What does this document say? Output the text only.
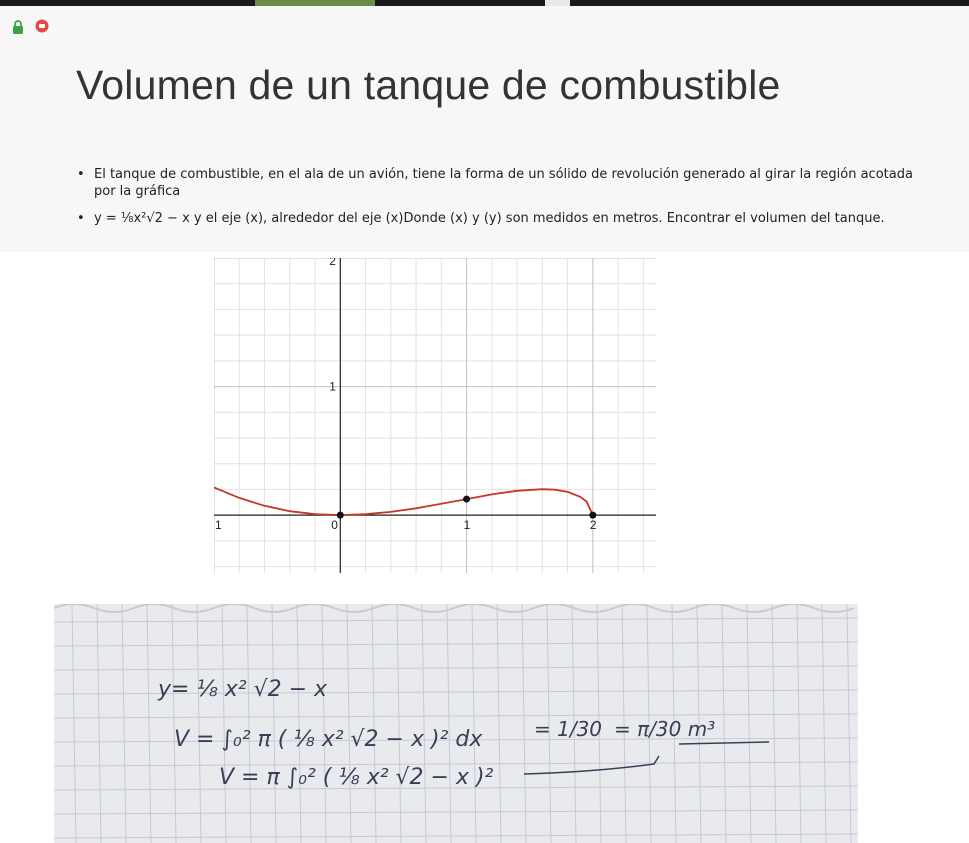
Volumen de un tanque de combustible
• El tanque de combustible, en el ala de un avión, tiene la forma de un sólido de revolución generado al girar la región acotada por la gráfica
• y = ⅛x²√2 − x y el eje (x), alrededor del eje (x)Donde (x) y (y) son medidos en metros. Encontrar el volumen del tanque.
1	0	1	2
1
2
y= ⅛ x² √2 − x
V = ∫₀² π ( ⅛ x² √2 − x )² dx	= 1/30 = π/30 m³
V = π ∫₀² ( ⅛ x² √2 − x )²
